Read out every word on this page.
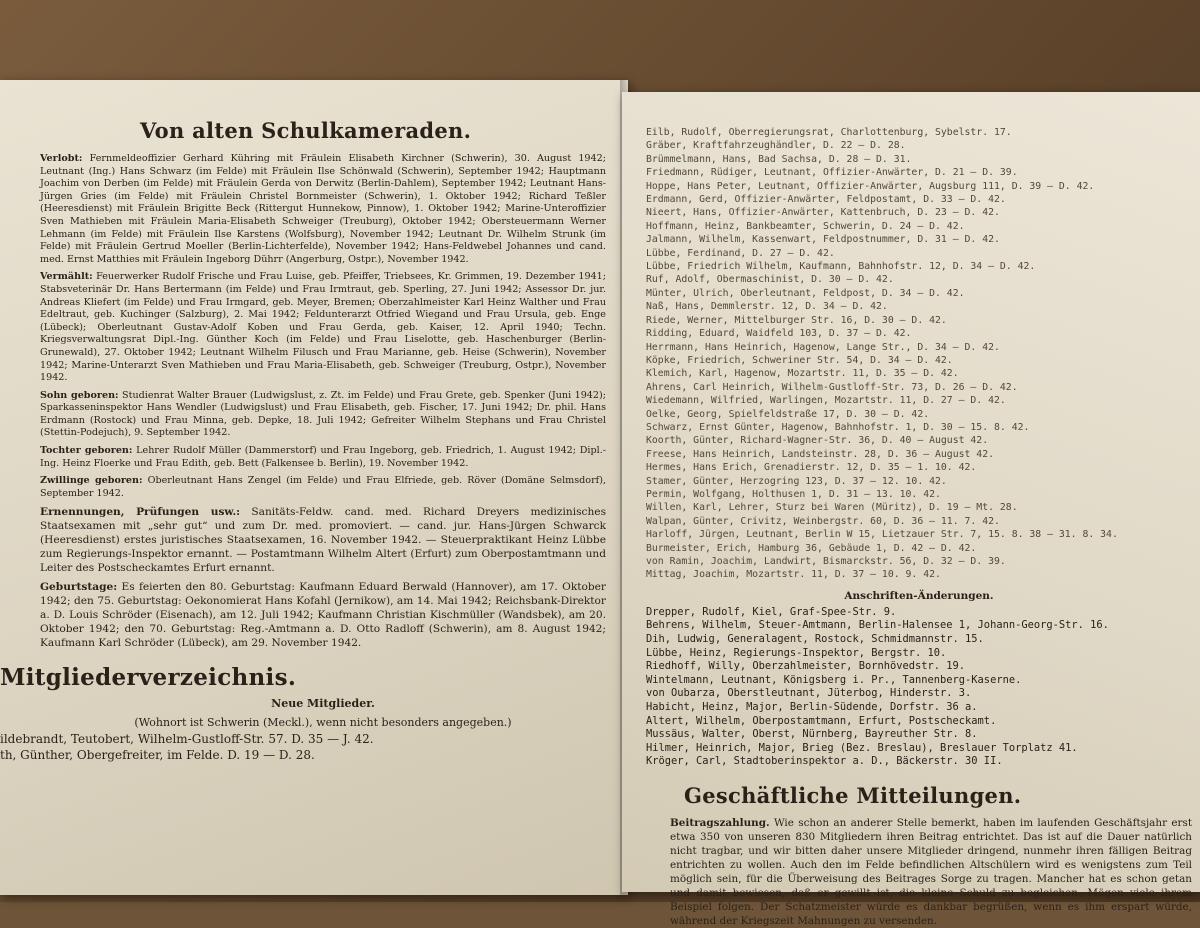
Von alten Schulkameraden.

Verlobt: Fernmeldeoffizier Gerhard Kühring mit Fräulein Elisabeth Kirchner (Schwerin), 30. August 1942; Leutnant (Ing.) Hans Schwarz (im Felde) mit Fräulein Ilse Schönwald (Schwerin), September 1942; Hauptmann Joachim von Derben (im Felde) mit Fräulein Gerda von Derwitz (Berlin-Dahlem), September 1942; Leutnant Hans-Jürgen Gries (im Felde) mit Fräulein Christel Bornmeister (Schwerin), 1. Oktober 1942; Richard Teßler (Heeresdienst) mit Fräulein Brigitte Beck (Rittergut Hunnekow, Pinnow), 1. Oktober 1942; Marine-Unteroffizier Sven Mathieben mit Fräulein Maria-Elisabeth Schweiger (Treuburg), Oktober 1942; Obersteuermann Werner Lehmann (im Felde) mit Fräulein Ilse Karstens (Wolfsburg), November 1942; Leutnant Dr. Wilhelm Strunk (im Felde) mit Fräulein Gertrud Moeller (Berlin-Lichterfelde), November 1942; Hans-Feldwebel Johannes und cand. med. Ernst Matthies mit Fräulein Ingeborg Dührr (Angerburg, Ostpr.), November 1942.

Vermählt: Feuerwerker Rudolf Frische und Frau Luise, geb. Pfeiffer, Triebsees, Kr. Grimmen, 19. Dezember 1941; Stabsveterinär Dr. Hans Bertermann (im Felde) und Frau Irmtraut, geb. Sperling, 27. Juni 1942; Assessor Dr. jur. Andreas Kliefert (im Felde) und Frau Irmgard, geb. Meyer, Bremen; Oberzahlmeister Karl Heinz Walther und Frau Edeltraut, geb. Kuchinger (Salzburg), 2. Mai 1942; Feldunterarzt Otfried Wiegand und Frau Ursula, geb. Enge (Lübeck); Oberleutnant Gustav-Adolf Koben und Frau Gerda, geb. Kaiser, 12. April 1940; Techn. Kriegsverwaltungsrat Dipl.-Ing. Günther Koch (im Felde) und Frau Liselotte, geb. Haschenburger (Berlin-Grunewald), 27. Oktober 1942; Leutnant Wilhelm Filusch und Frau Marianne, geb. Heise (Schwerin), November 1942; Marine-Unterarzt Sven Mathieben und Frau Maria-Elisabeth, geb. Schweiger (Treuburg, Ostpr.), November 1942.

Sohn geboren: Studienrat Walter Brauer (Ludwigslust, z. Zt. im Felde) und Frau Grete, geb. Spenker (Juni 1942); Sparkasseninspektor Hans Wendler (Ludwigslust) und Frau Elisabeth, geb. Fischer, 17. Juni 1942; Dr. phil. Hans Erdmann (Rostock) und Frau Minna, geb. Depke, 18. Juli 1942; Gefreiter Wilhelm Stephans und Frau Christel (Stettin-Podejuch), 9. September 1942.

Tochter geboren: Lehrer Rudolf Müller (Dammerstorf) und Frau Ingeborg, geb. Friedrich, 1. August 1942; Dipl.-Ing. Heinz Floerke und Frau Edith, geb. Bett (Falkensee b. Berlin), 19. November 1942.

Zwillinge geboren: Oberleutnant Hans Zengel (im Felde) und Frau Elfriede, geb. Röver (Domäne Selmsdorf), September 1942.

Ernennungen, Prüfungen usw.: Sanitäts-Feldw. cand. med. Richard Dreyers medizinisches Staatsexamen mit „sehr gut“ und zum Dr. med. promoviert. — cand. jur. Hans-Jürgen Schwarck (Heeresdienst) erstes juristisches Staatsexamen, 16. November 1942. — Steuerpraktikant Heinz Lübbe zum Regierungs-Inspektor ernannt. — Postamtmann Wilhelm Altert (Erfurt) zum Oberpostamtmann und Leiter des Postscheckamtes Erfurt ernannt.

Geburtstage: Es feierten den 80. Geburtstag: Kaufmann Eduard Berwald (Hannover), am 17. Oktober 1942; den 75. Geburtstag: Oekonomierat Hans Kofahl (Jernikow), am 14. Mai 1942; Reichsbank-Direktor a. D. Louis Schröder (Eisenach), am 12. Juli 1942; Kaufmann Christian Kischmüller (Wandsbek), am 20. Oktober 1942; den 70. Geburtstag: Reg.-Amtmann a. D. Otto Radloff (Schwerin), am 8. August 1942; Kaufmann Karl Schröder (Lübeck), am 29. November 1942.

Mitgliederverzeichnis.
Neue Mitglieder.
(Wohnort ist Schwerin (Meckl.), wenn nicht besonders angegeben.)
ildebrandt, Teutobert, Wilhelm-Gustloff-Str. 57. D. 35 — J. 42.
th, Günther, Obergefreiter, im Felde. D. 19 — D. 28.
Eilb, Rudolf, Oberregierungsrat, Charlottenburg, Sybelstr. 17.
Gräber, Kraftfahrzeughändler, D. 22 — D. 28.
Brümmelmann, Hans, Bad Sachsa, D. 28 — D. 31.
Friedmann, Rüdiger, Leutnant, Offizier-Anwärter, D. 21 — D. 39.
Hoppe, Hans Peter, Leutnant, Offizier-Anwärter, Augsburg 111, D. 39 — D. 42.
Erdmann, Gerd, Offizier-Anwärter, Feldpostamt, D. 33 — D. 42.
Nieert, Hans, Offizier-Anwärter, Kattenbruch, D. 23 — D. 42.
Hoffmann, Heinz, Bankbeamter, Schwerin, D. 24 — D. 42.
Jalmann, Wilhelm, Kassenwart, Feldpostnummer, D. 31 — D. 42.
Lübbe, Ferdinand, D. 27 — D. 42.
Lübbe, Friedrich Wilhelm, Kaufmann, Bahnhofstr. 12, D. 34 — D. 42.
Ruf, Adolf, Obermaschinist, D. 30 — D. 42.
Münter, Ulrich, Oberleutnant, Feldpost, D. 34 — D. 42.
Naß, Hans, Demmlerstr. 12, D. 34 — D. 42.
Riede, Werner, Mittelburger Str. 16, D. 30 — D. 42.
Ridding, Eduard, Waidfeld 103, D. 37 — D. 42.
Herrmann, Hans Heinrich, Hagenow, Lange Str., D. 34 — D. 42.
Köpke, Friedrich, Schweriner Str. 54, D. 34 — D. 42.
Klemich, Karl, Hagenow, Mozartstr. 11, D. 35 — D. 42.
Ahrens, Carl Heinrich, Wilhelm-Gustloff-Str. 73, D. 26 — D. 42.
Wiedemann, Wilfried, Warlingen, Mozartstr. 11, D. 27 — D. 42.
Oelke, Georg, Spielfeldstraße 17, D. 30 — D. 42.
Schwarz, Ernst Günter, Hagenow, Bahnhofstr. 1, D. 30 — 15. 8. 42.
Koorth, Günter, Richard-Wagner-Str. 36, D. 40 — August 42.
Freese, Hans Heinrich, Landsteinstr. 28, D. 36 — August 42.
Hermes, Hans Erich, Grenadierstr. 12, D. 35 — 1. 10. 42.
Stamer, Günter, Herzogring 123, D. 37 — 12. 10. 42.
Permin, Wolfgang, Holthusen 1, D. 31 — 13. 10. 42.
Willen, Karl, Lehrer, Sturz bei Waren (Müritz), D. 19 — Mt. 28.
Walpan, Günter, Crivitz, Weinbergstr. 60, D. 36 — 11. 7. 42.
Harloff, Jürgen, Leutnant, Berlin W 15, Lietzauer Str. 7, 15. 8. 38 — 31. 8. 34.
Burmeister, Erich, Hamburg 36, Gebäude 1, D. 42 — D. 42.
von Ramin, Joachim, Landwirt, Bismarckstr. 56, D. 32 — D. 39.
Mittag, Joachim, Mozartstr. 11, D. 37 — 10. 9. 42.
Anschriften-Änderungen.
Drepper, Rudolf, Kiel, Graf-Spee-Str. 9.
Behrens, Wilhelm, Steuer-Amtmann, Berlin-Halensee 1, Johann-Georg-Str. 16.
Dih, Ludwig, Generalagent, Rostock, Schmidmannstr. 15.
Lübbe, Heinz, Regierungs-Inspektor, Bergstr. 10.
Riedhoff, Willy, Oberzahlmeister, Bornhövedstr. 19.
Wintelmann, Leutnant, Königsberg i. Pr., Tannenberg-Kaserne.
von Oubarza, Oberstleutnant, Jüterbog, Hinderstr. 3.
Habicht, Heinz, Major, Berlin-Südende, Dorfstr. 36 a.
Altert, Wilhelm, Oberpostamtmann, Erfurt, Postscheckamt.
Mussäus, Walter, Oberst, Nürnberg, Bayreuther Str. 8.
Hilmer, Heinrich, Major, Brieg (Bez. Breslau), Breslauer Torplatz 41.
Kröger, Carl, Stadtoberinspektor a. D., Bäckerstr. 30 II.
Geschäftliche Mitteilungen.
Beitragszahlung. Wie schon an anderer Stelle bemerkt, haben im laufenden Geschäftsjahr erst etwa 350 von unseren 830 Mitgliedern ihren Beitrag entrichtet. Das ist auf die Dauer natürlich nicht tragbar, und wir bitten daher unsere Mitglieder dringend, nunmehr ihren fälligen Beitrag entrichten zu wollen. Auch den im Felde befindlichen Altschülern wird es wenigstens zum Teil möglich sein, für die Überweisung des Beitrages Sorge zu tragen. Mancher hat es schon getan und damit bewiesen, daß er gewillt ist, die kleine Schuld zu begleichen. Mögen viele ihrem Beispiel folgen. Der Schatzmeister würde es dankbar begrüßen, wenn es ihm erspart würde, während der Kriegszeit Mahnungen zu versenden.
